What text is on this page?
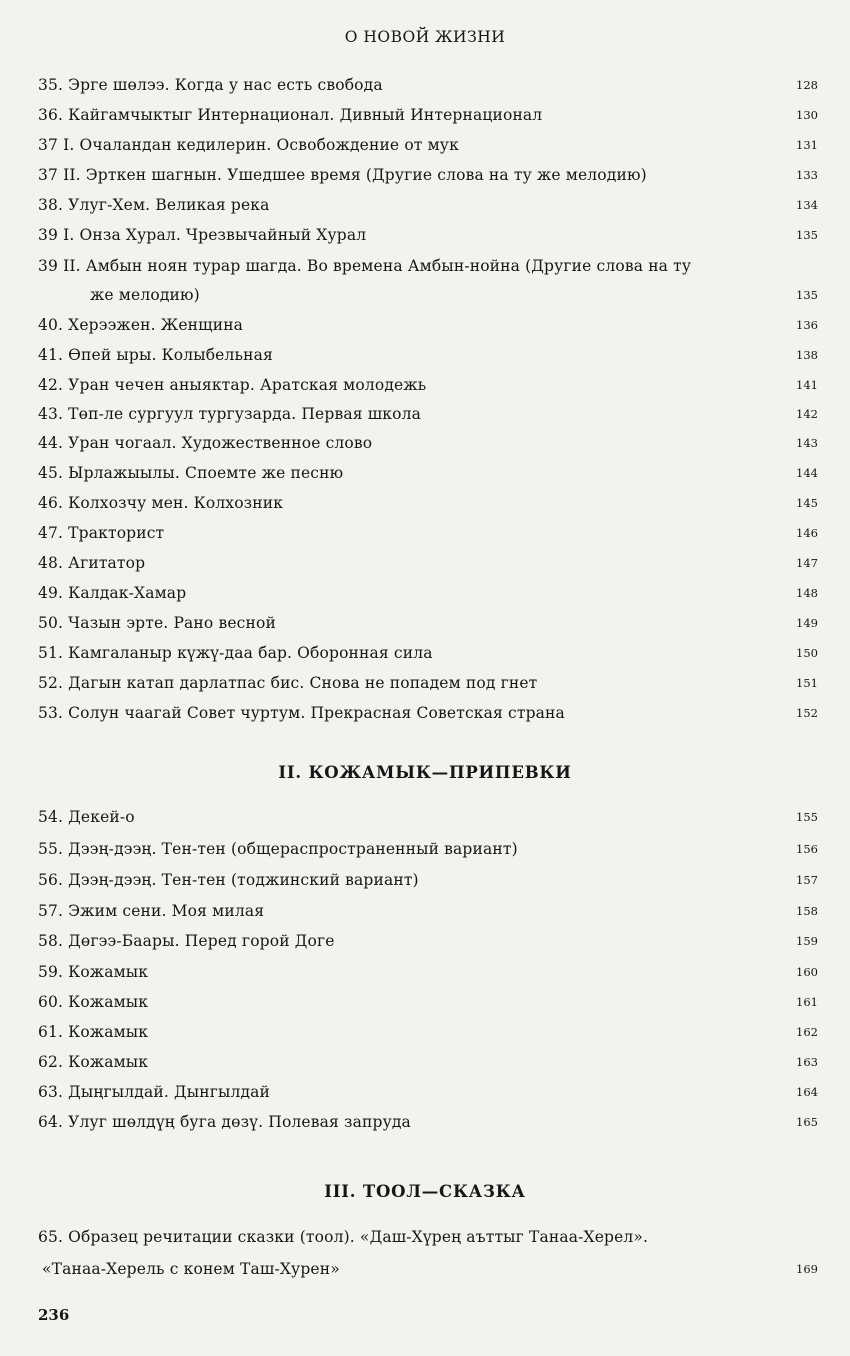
О НОВОЙ ЖИЗНИ
35. Эрге шөлээ. Когда у нас есть свобода	128
36. Кайгамчыктыг Интернационал. Дивный Интернационал	130
37 I. Очаландан кедилерин. Освобождение от мук	131
37 II. Эрткен шагнын. Ушедшее время (Другие слова на ту же мелодию)	133
38. Улуг-Хем. Великая река	134
39 I. Онза Хурал. Чрезвычайный Хурал	135
39 II. Амбын ноян турар шагда. Во времена Амбын-нойна (Другие слова на ту
же мелодию)	135
40. Херээжен. Женщина	136
41. Өпей ыры. Колыбельная	138
42. Уран чечен аныяктар. Аратская молодежь	141
43. Төп-ле сургуул тургузарда. Первая школа	142
44. Уран чогаал. Художественное слово	143
45. Ырлажыылы. Споемте же песню	144
46. Колхозчу мен. Колхозник	145
47. Тракторист	146
48. Агитатор	147
49. Калдак-Хамар	148
50. Чазын эрте. Рано весной	149
51. Камгаланыр күжү-даа бар. Оборонная сила	150
52. Дагын катап дарлатпас бис. Снова не попадем под гнет	151
53. Солун чаагай Совет чуртум. Прекрасная Советская страна	152
II. КОЖАМЫК—ПРИПЕВКИ
54. Декей-о	155
55. Дээң-дээң. Тен-тен (общераспространенный вариант)	156
56. Дээң-дээң. Тен-тен (тоджинский вариант)	157
57. Эжим сени. Моя милая	158
58. Дөгээ-Баары. Перед горой Доге	159
59. Кожамык	160
60. Кожамык	161
61. Кожамык	162
62. Кожамык	163
63. Дыңгылдай. Дынгылдай	164
64. Улуг шөлдүң буга дөзү. Полевая запруда	165
III. ТООЛ—СКАЗКА
65. Образец речитации сказки (тоол). «Даш-Хүрең аъттыг Танаа-Херел».
«Танаа-Херель с конем Таш-Хурен»	169
236
